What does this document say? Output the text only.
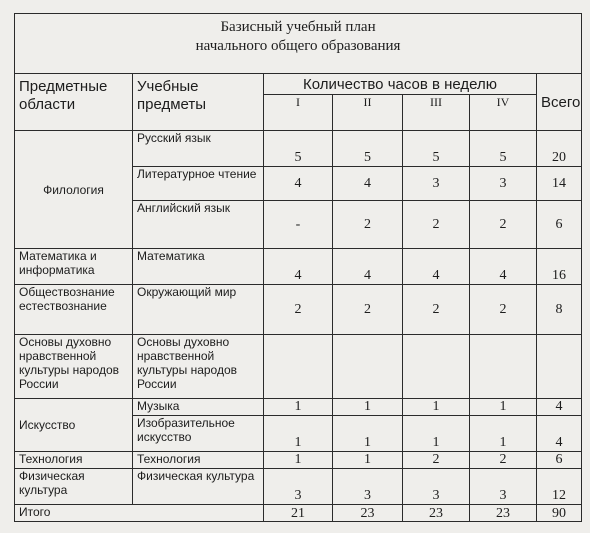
Базисный учебный план
начального общего образования						

Предметные области	Учебные предметы	Количество часов в неделю				Всего
		I	II	III	IV	
Филология	Русский язык	5	5	5	5	20
	Литературное чтение	4	4	3	3	14
	Английский язык	-	2	2	2	6
Математика и информатика	Математика	4	4	4	4	16
Обществознание естествознание	Окружающий мир	2	2	2	2	8
Основы духовно нравственной культуры народов России	Основы духовно нравственной культуры народов России					
Искусство	Музыка	1	1	1	1	4
	Изобразительное искусство	1	1	1	1	4
Технология	Технология	1	1	2	2	6
Физическая культура	Физическая культура	3	3	3	3	12
Итого		21	23	23	23	90
